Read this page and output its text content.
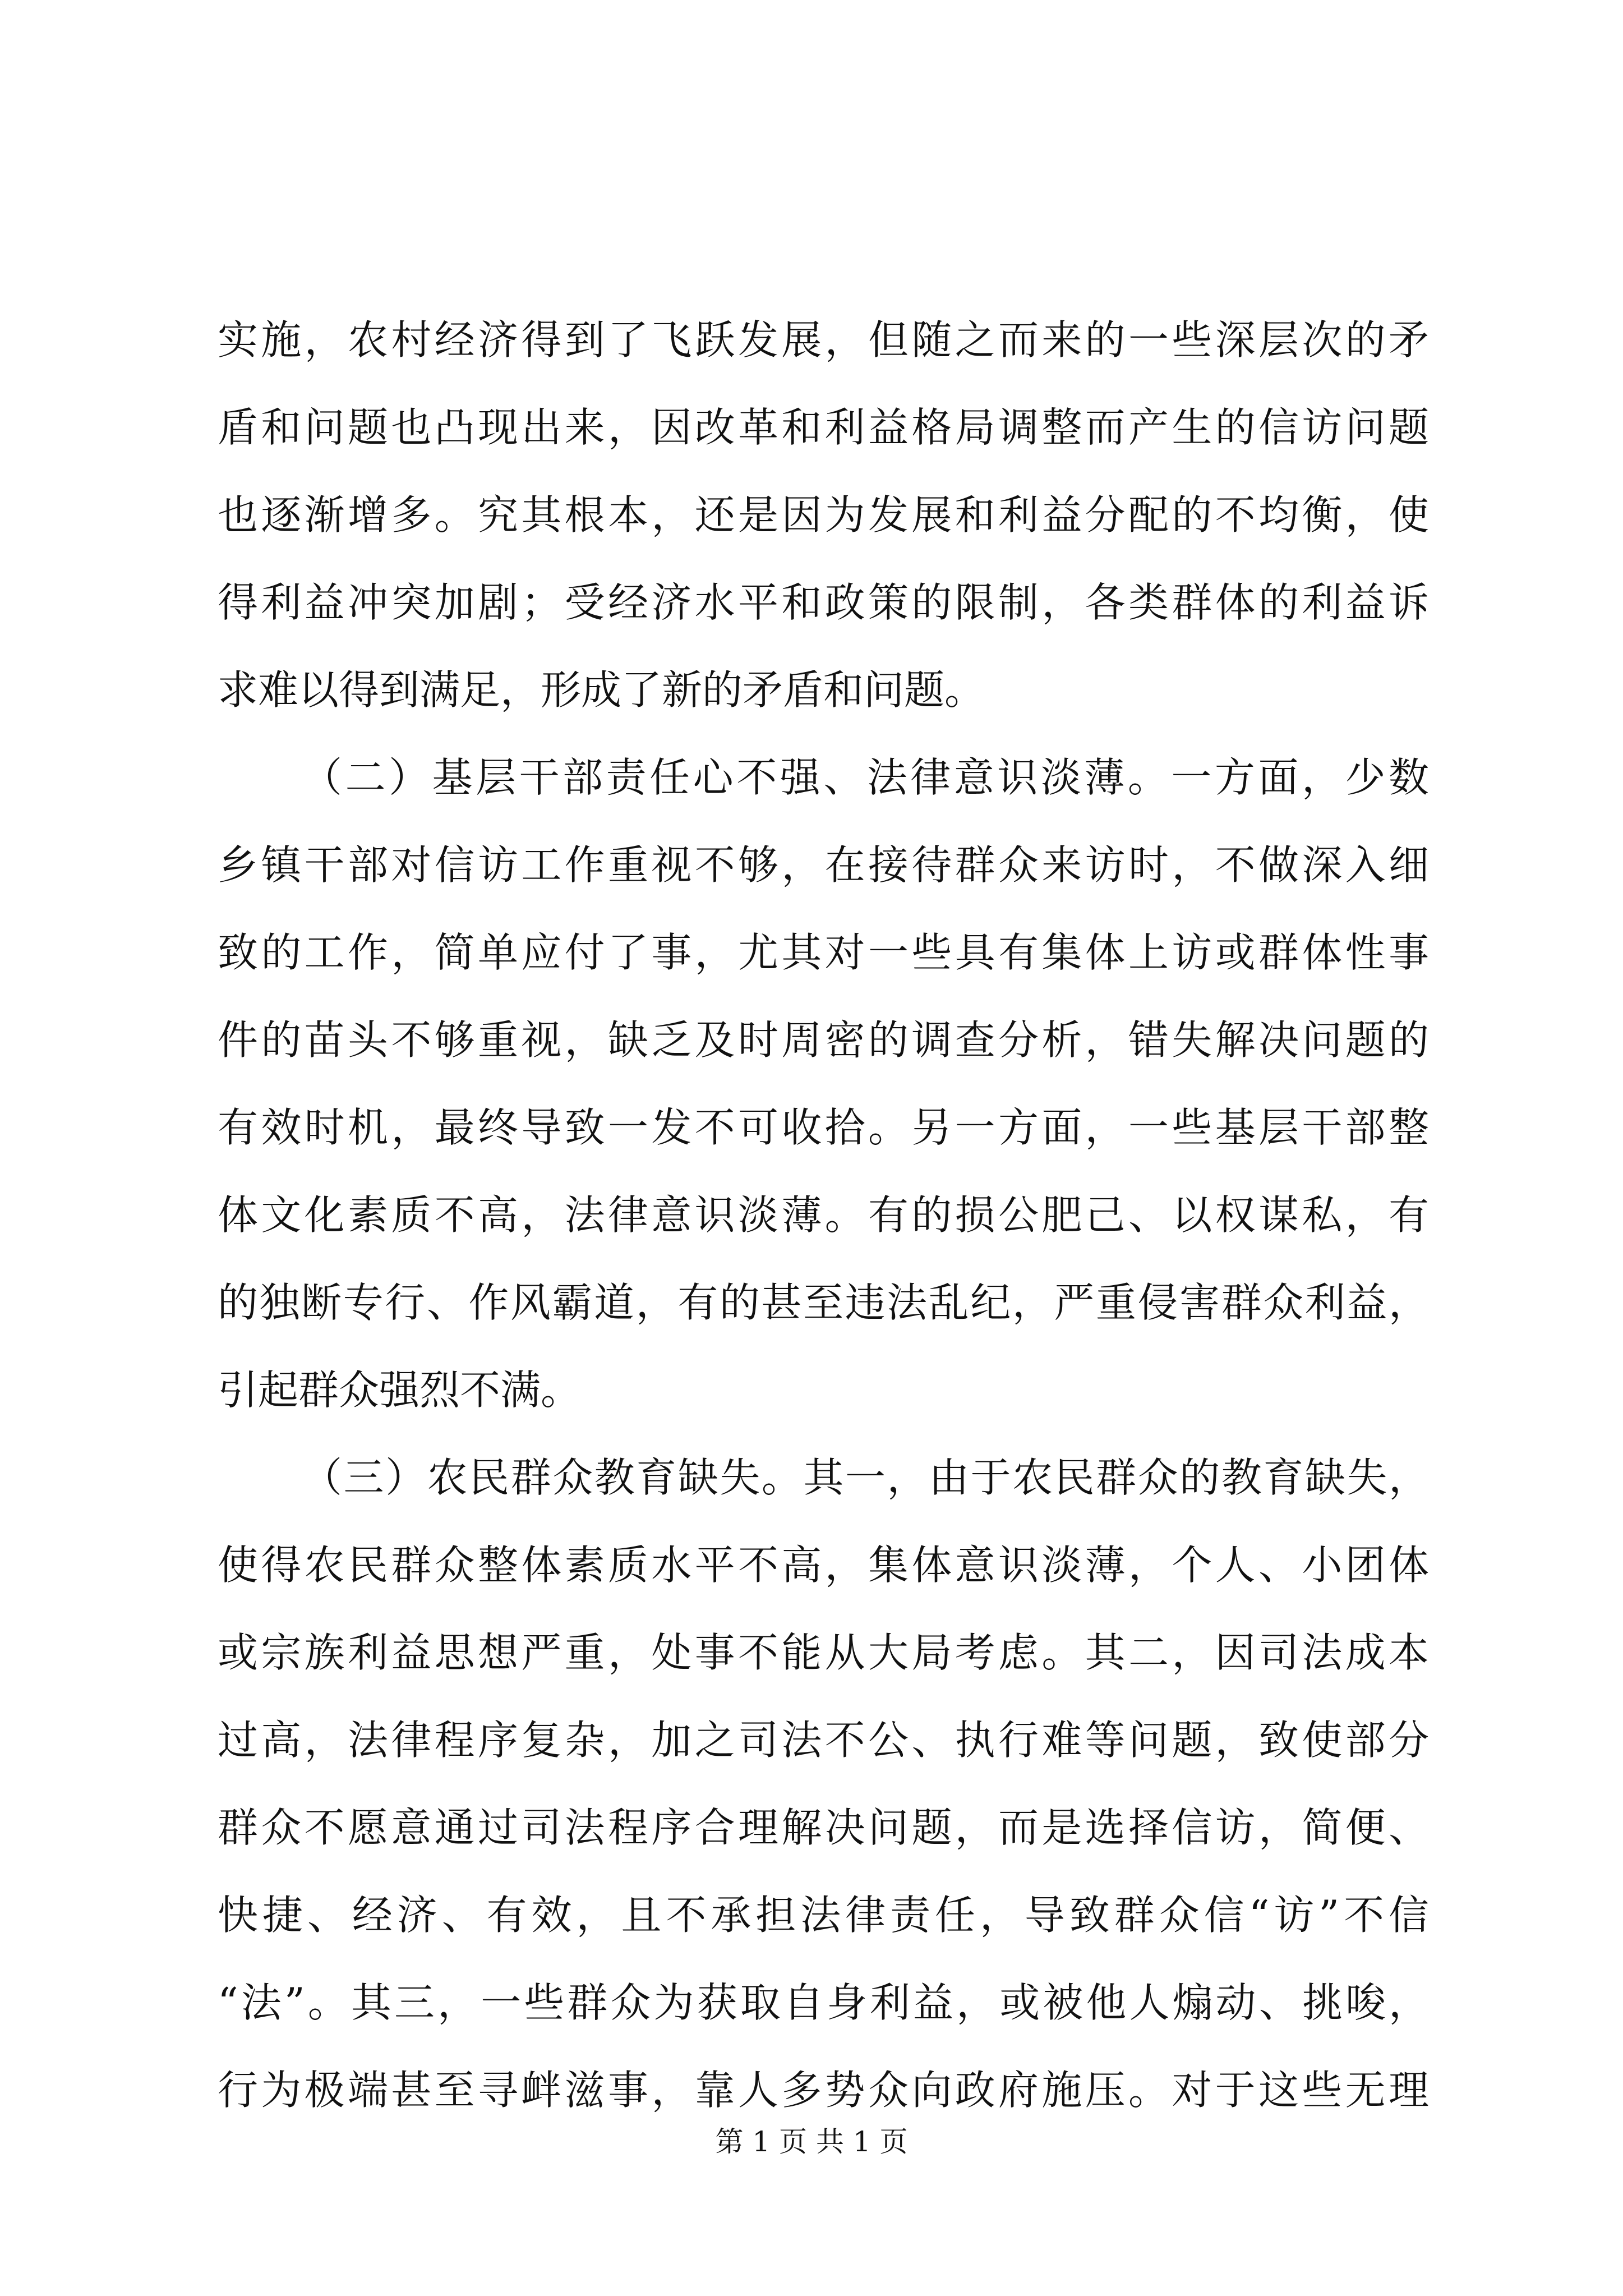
实施，农村经济得到了飞跃发展，但随之而来的一些深层次的矛
盾和问题也凸现出来，因改革和利益格局调整而产生的信访问题
也逐渐增多。究其根本，还是因为发展和利益分配的不均衡，使
得利益冲突加剧；受经济水平和政策的限制，各类群体的利益诉
求难以得到满足，形成了新的矛盾和问题。
（二）基层干部责任心不强、法律意识淡薄。一方面，少数
乡镇干部对信访工作重视不够，在接待群众来访时，不做深入细
致的工作，简单应付了事，尤其对一些具有集体上访或群体性事
件的苗头不够重视，缺乏及时周密的调查分析，错失解决问题的
有效时机，最终导致一发不可收拾。另一方面，一些基层干部整
体文化素质不高，法律意识淡薄。有的损公肥己、以权谋私，有
的独断专行、作风霸道，有的甚至违法乱纪，严重侵害群众利益，
引起群众强烈不满。
（三）农民群众教育缺失。其一，由于农民群众的教育缺失，
使得农民群众整体素质水平不高，集体意识淡薄，个人、小团体
或宗族利益思想严重，处事不能从大局考虑。其二，因司法成本
过高，法律程序复杂，加之司法不公、执行难等问题，致使部分
群众不愿意通过司法程序合理解决问题，而是选择信访，简便、
快捷、经济、有效，且不承担法律责任，导致群众信“访”不信
“法”。其三，一些群众为获取自身利益，或被他人煽动、挑唆，
行为极端甚至寻衅滋事，靠人多势众向政府施压。对于这些无理
第 1 页 共 1 页
